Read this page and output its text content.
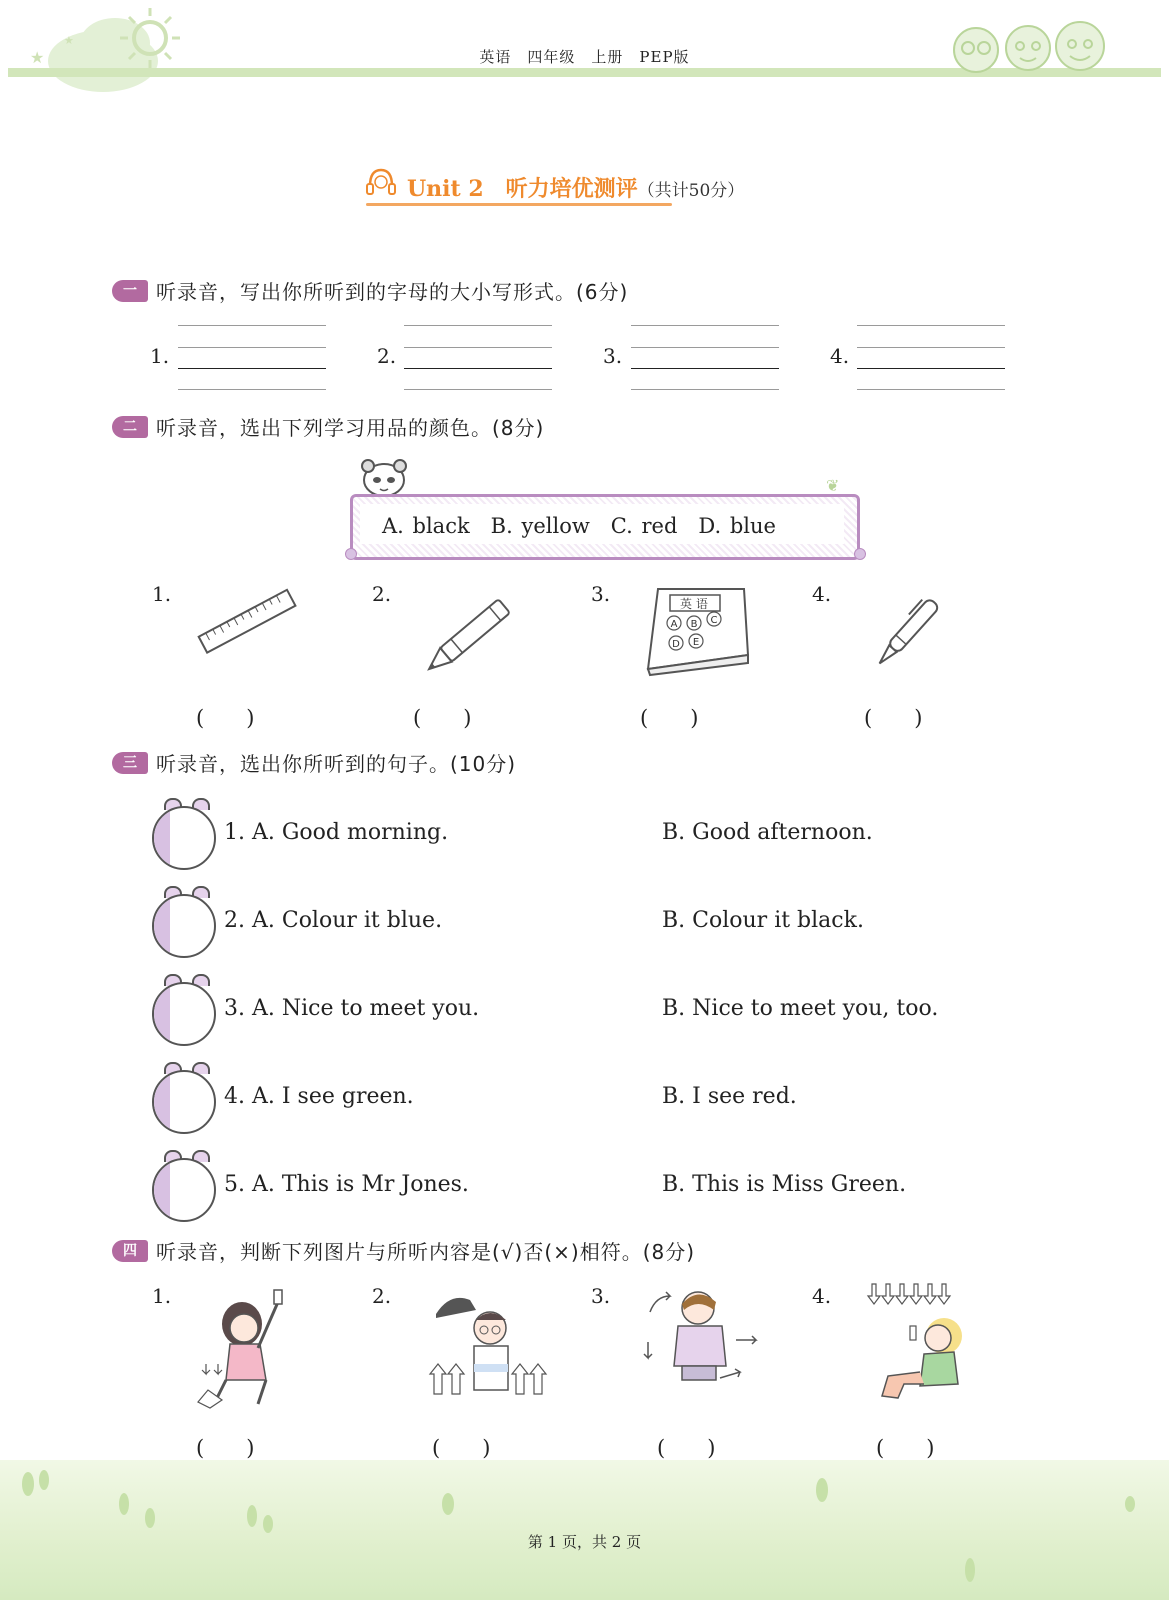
★
★
英语　四年级　上册　PEP版
Unit 2　听力培优测评（共计50分）
一 听录音，写出你所听到的字母的大小写形式。(6分)
1.	2.	3.	4.
二 听录音，选出下列学习用品的颜色。(8分)
❦
A. black　B. yellow　C. red　D. blue
1.	2.	3.	4.
英 语
A B C
D E
(　　)	(　　)	(　　)	(　　)
三 听录音，选出你所听到的句子。(10分)
1. A. Good morning.	B. Good afternoon.
2. A. Colour it blue.	B. Colour it black.
3. A. Nice to meet you.	B. Nice to meet you, too.
4. A. I see green.	B. I see red.
5. A. This is Mr Jones.	B. This is Miss Green.
四 听录音，判断下列图片与所听内容是(√)否(×)相符。(8分)
1.	2.	3.	4.
(　　)	(　　)	(　　)	(　　)
第 1 页，共 2 页
